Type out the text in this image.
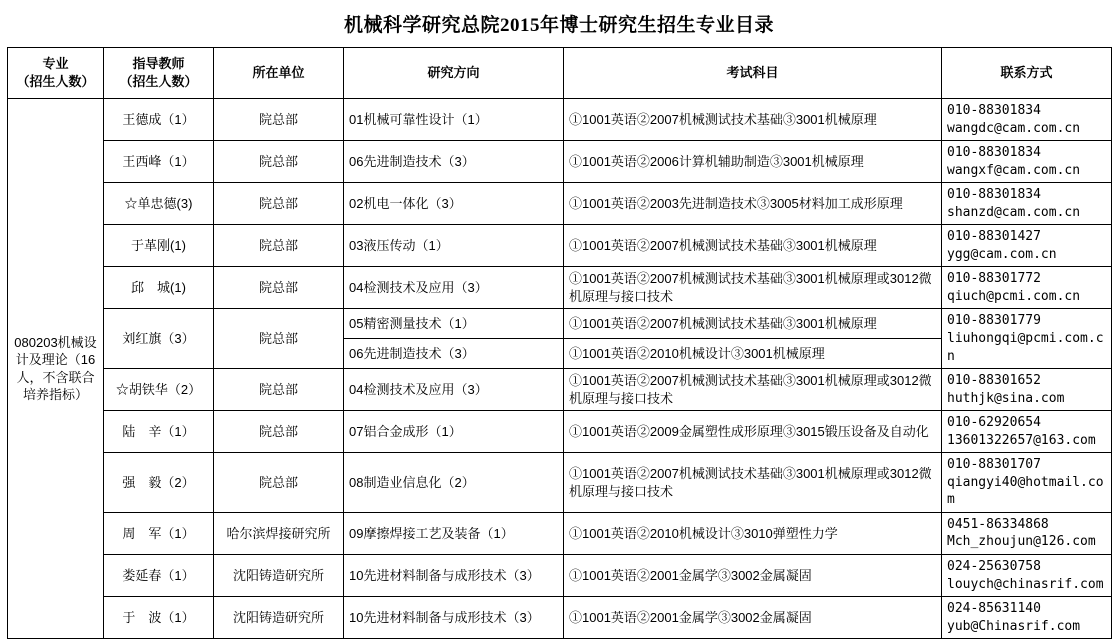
机械科学研究总院2015年博士研究生招生专业目录
专业
（招生人数）

指导教师
（招生人数）
	所在单位	研究方向	考试科目	联系方式
080203机械设计及理论（16人，不含联合培养指标）	王德成（1）	院总部	01机械可靠性设计（1）	①1001英语②2007机械测试技术基础③3001机械原理	010-88301834
wangdc@cam.com.cn

	王西峰（1）	院总部	06先进制造技术（3）	①1001英语②2006计算机辅助制造③3001机械原理	010-88301834
wangxf@cam.com.cn

	☆单忠德(3)	院总部	02机电一体化（3）	①1001英语②2003先进制造技术③3005材料加工成形原理	010-88301834
shanzd@cam.com.cn

	于革刚(1)	院总部	03液压传动（1）	①1001英语②2007机械测试技术基础③3001机械原理	010-88301427
ygg@cam.com.cn

	邱　城(1)	院总部	04检测技术及应用（3）	①1001英语②2007机械测试技术基础③3001机械原理或3012微机原理与接口技术	010-88301772
qiuch@pcmi.com.cn

	刘红旗（3）	院总部	05精密测量技术（1）	①1001英语②2007机械测试技术基础③3001机械原理	010-88301779
liuhongqi@pcmi.com.cn

			06先进制造技术（3）	①1001英语②2010机械设计③3001机械原理	
	☆胡铁华（2）	院总部	04检测技术及应用（3）	①1001英语②2007机械测试技术基础③3001机械原理或3012微机原理与接口技术	010-88301652
huthjk@sina.com

	陆　辛（1）	院总部	07铝合金成形（1）	①1001英语②2009金属塑性成形原理③3015锻压设备及自动化	010-62920654
13601322657@163.com

	强　毅（2）	院总部	08制造业信息化（2）	①1001英语②2007机械测试技术基础③3001机械原理或3012微机原理与接口技术	010-88301707
qiangyi40@hotmail.com

	周　军（1）	哈尔滨焊接研究所	09摩擦焊接工艺及装备（1）	①1001英语②2010机械设计③3010弹塑性力学	0451-86334868
Mch_zhoujun@126.com

	娄延春（1）	沈阳铸造研究所	10先进材料制备与成形技术（3）	①1001英语②2001金属学③3002金属凝固	024-25630758
louych@chinasrif.com

	于　波（1）	沈阳铸造研究所	10先进材料制备与成形技术（3）	①1001英语②2001金属学③3002金属凝固	024-85631140
yub@Chinasrif.com
